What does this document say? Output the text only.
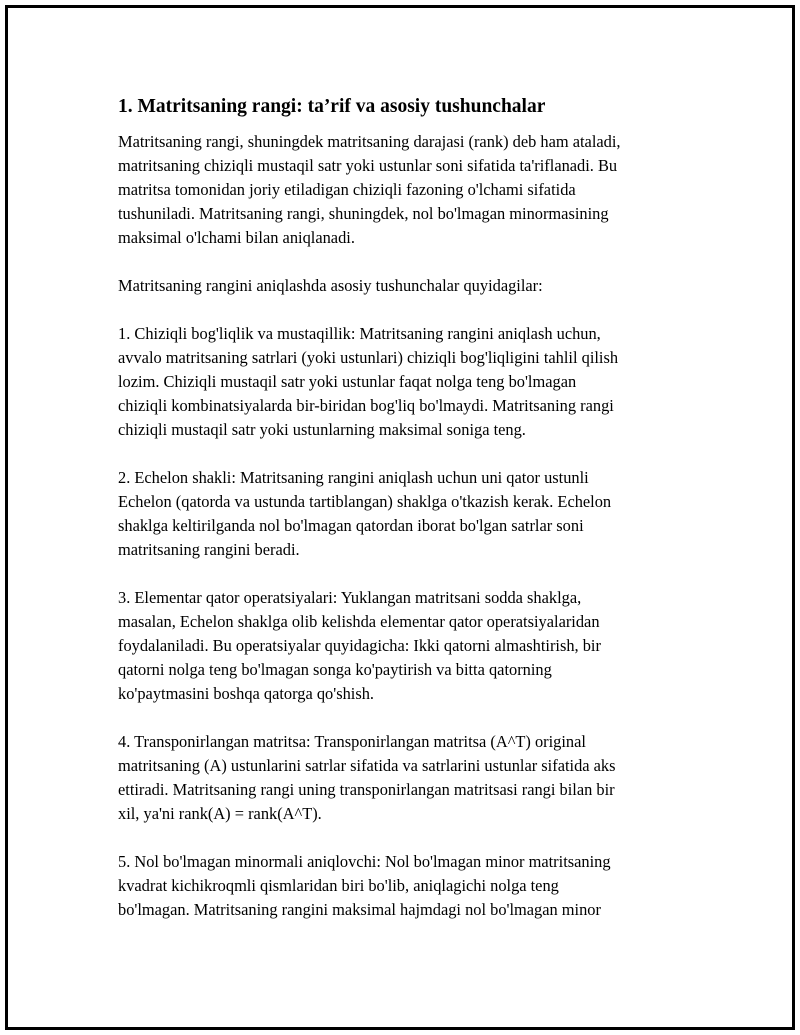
1. Matritsaning rangi: ta’rif va asosiy tushunchalar

Matritsaning rangi, shuningdek matritsaning darajasi (rank) deb ham ataladi,
matritsaning chiziqli mustaqil satr yoki ustunlar soni sifatida ta'riflanadi. Bu
matritsa tomonidan joriy etiladigan chiziqli fazoning o'lchami sifatida
tushuniladi. Matritsaning rangi, shuningdek, nol bo'lmagan minormasining
maksimal o'lchami bilan aniqlanadi.

Matritsaning rangini aniqlashda asosiy tushunchalar quyidagilar:

1. Chiziqli bog'liqlik va mustaqillik: Matritsaning rangini aniqlash uchun,
avvalo matritsaning satrlari (yoki ustunlari) chiziqli bog'liqligini tahlil qilish
lozim. Chiziqli mustaqil satr yoki ustunlar faqat nolga teng bo'lmagan
chiziqli kombinatsiyalarda bir-biridan bog'liq bo'lmaydi. Matritsaning rangi
chiziqli mustaqil satr yoki ustunlarning maksimal soniga teng.

2. Echelon shakli: Matritsaning rangini aniqlash uchun uni qator ustunli
Echelon (qatorda va ustunda tartiblangan) shaklga o'tkazish kerak. Echelon
shaklga keltirilganda nol bo'lmagan qatordan iborat bo'lgan satrlar soni
matritsaning rangini beradi.

3. Elementar qator operatsiyalari: Yuklangan matritsani sodda shaklga,
masalan, Echelon shaklga olib kelishda elementar qator operatsiyalaridan
foydalaniladi. Bu operatsiyalar quyidagicha: Ikki qatorni almashtirish, bir
qatorni nolga teng bo'lmagan songa ko'paytirish va bitta qatorning
ko'paytmasini boshqa qatorga qo'shish.

4. Transponirlangan matritsa: Transponirlangan matritsa (A^T) original
matritsaning (A) ustunlarini satrlar sifatida va satrlarini ustunlar sifatida aks
ettiradi. Matritsaning rangi uning transponirlangan matritsasi rangi bilan bir
xil, ya'ni rank(A) = rank(A^T).

5. Nol bo'lmagan minormali aniqlovchi: Nol bo'lmagan minor matritsaning
kvadrat kichikroqmli qismlaridan biri bo'lib, aniqlagichi nolga teng
bo'lmagan. Matritsaning rangini maksimal hajmdagi nol bo'lmagan minor
